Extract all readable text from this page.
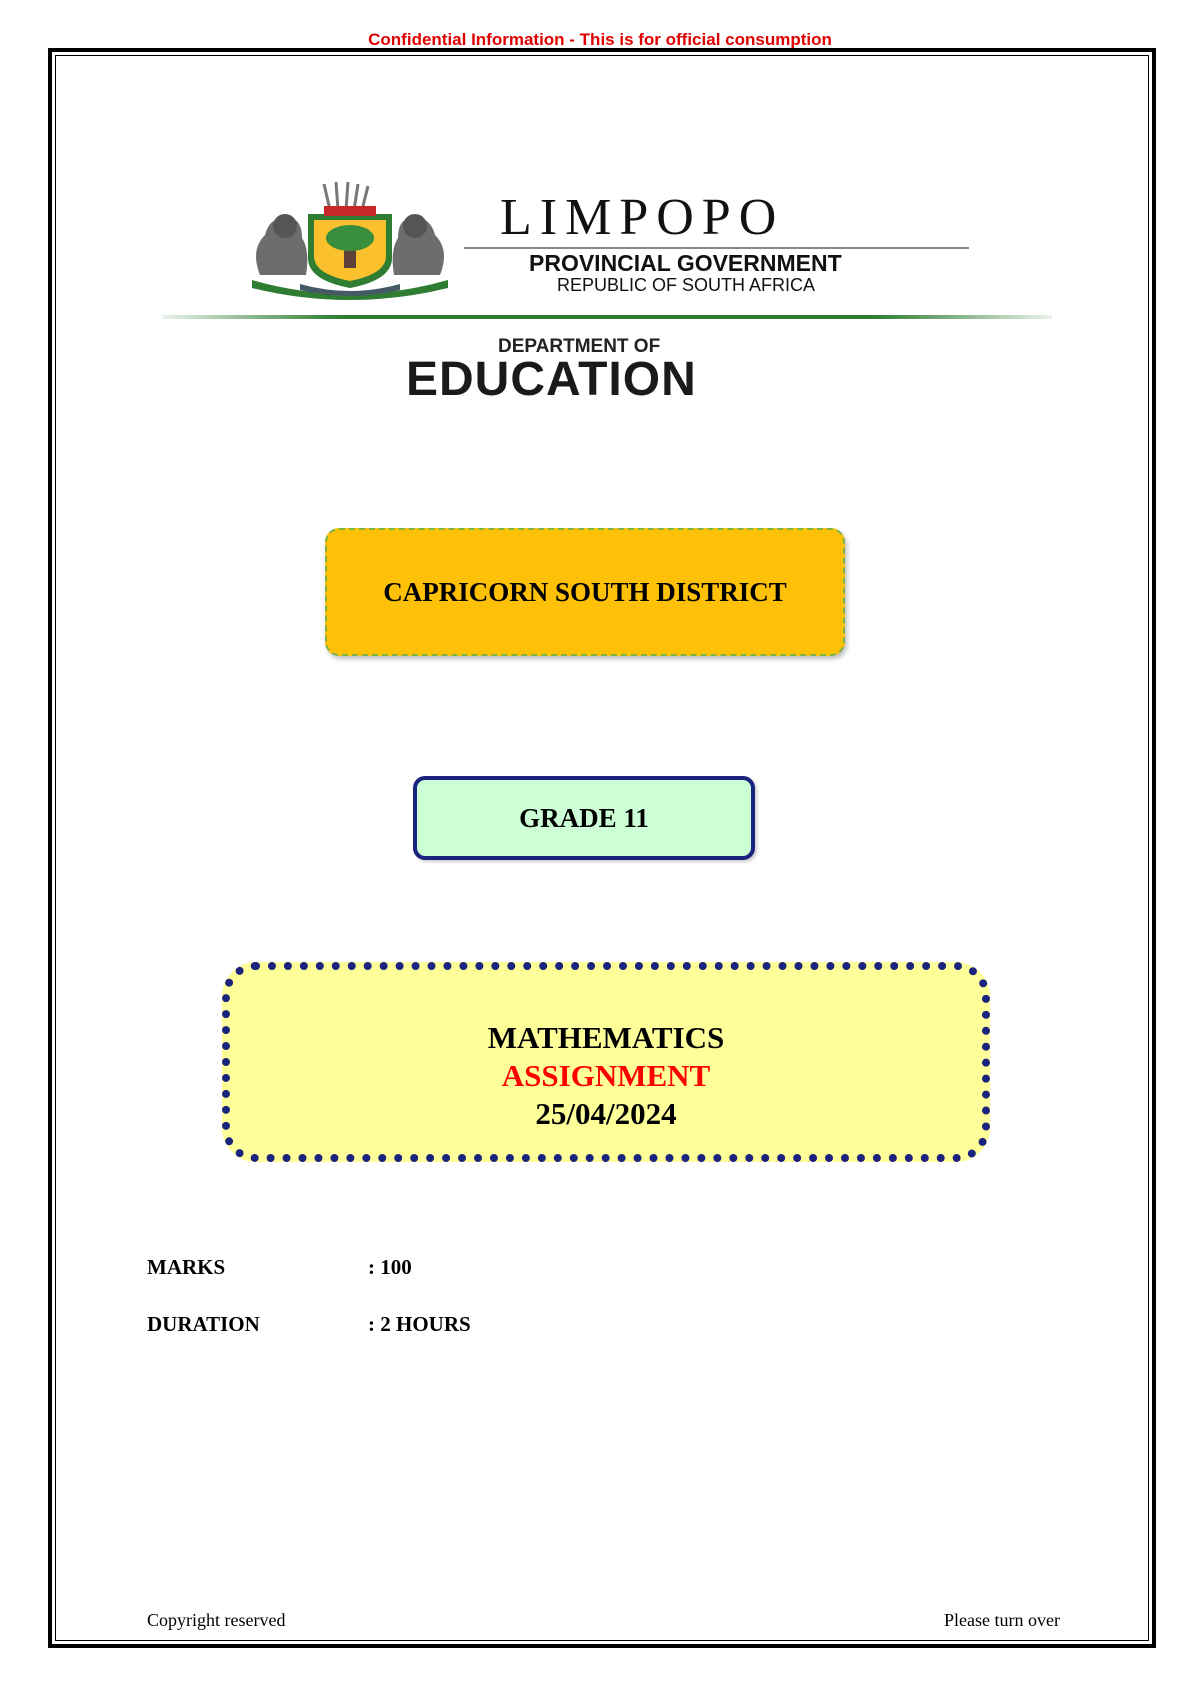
Confidential Information - This is for official consumption
LIMPOPO
PROVINCIAL GOVERNMENT
REPUBLIC OF SOUTH AFRICA
DEPARTMENT OF
EDUCATION
CAPRICORN SOUTH DISTRICT
GRADE 11
MATHEMATICS
ASSIGNMENT
25/04/2024
MARKS	: 100
DURATION	: 2 HOURS
Copyright reserved	Please turn over
